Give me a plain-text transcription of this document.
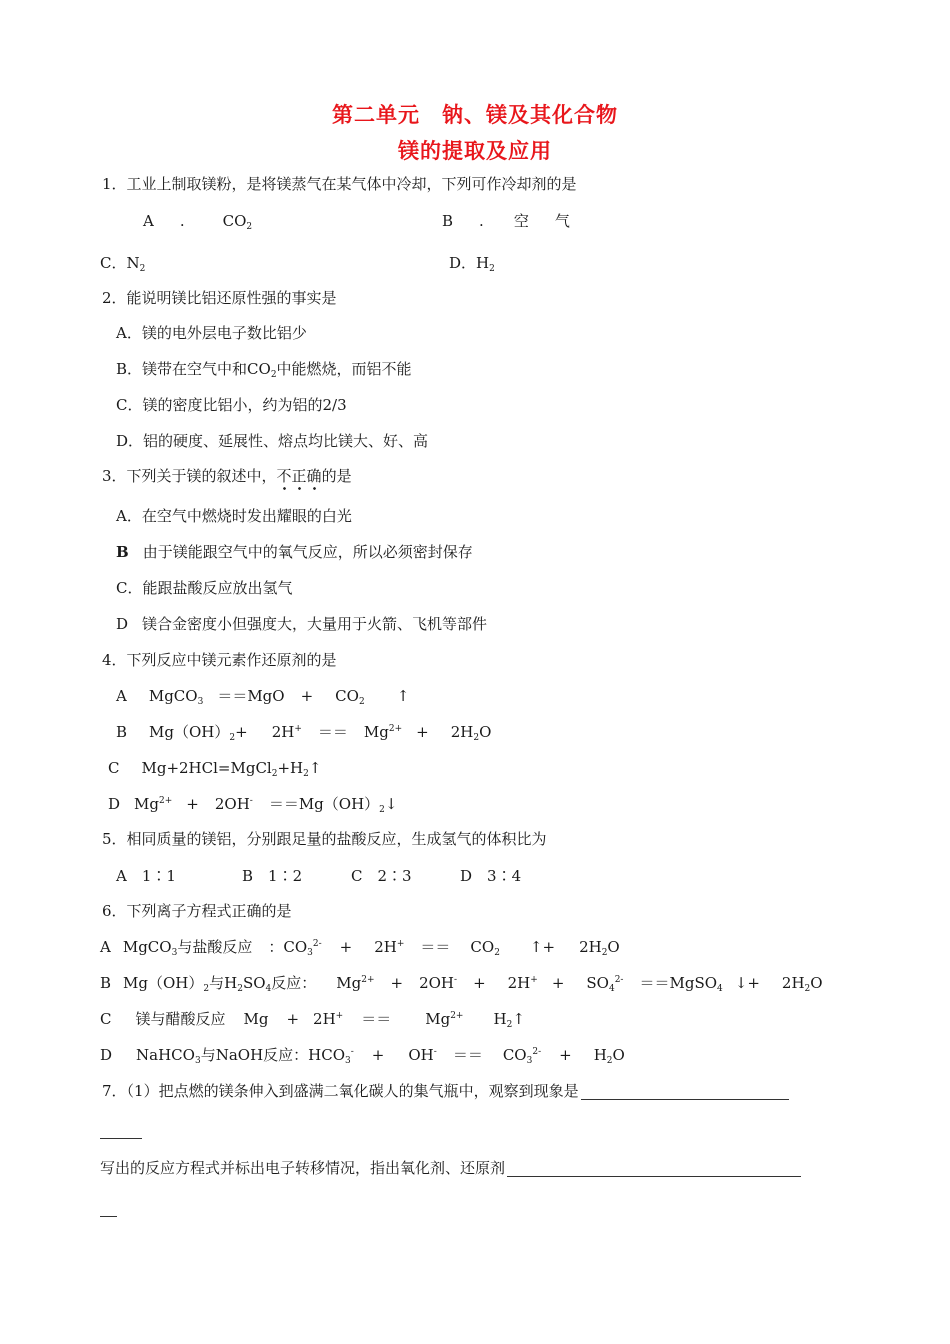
第二单元　钠、镁及其化合物
镁的提取及应用
1．工业上制取镁粉，是将镁蒸气在某气体中冷却，下列可作冷却剂的是
A .	$CO_2$	B . 空 气
C．$N_2$	D．$H_2$
2．能说明镁比铝还原性强的事实是
A．镁的电外层电子数比铝少
B．镁带在空气中和$CO_2$中能燃烧，而铝不能
C．镁的密度比铝小，约为铝的2/3
D．铝的硬度、延展性、熔点均比镁大、好、高
3．下列关于镁的叙述中，不正确的是
A．在空气中燃烧时发出耀眼的白光
B 由于镁能跟空气中的氧气反应，所以必须密封保存
C．能跟盐酸反应放出氢气
D 镁合金密度小但强度大，大量用于火箭、飞机等部件
4．下列反应中镁元素作还原剂的是
A MgCO$_3$ $==MgO + CO_2$ ↑
B $Mg(OH)_2+ 2H^+ == Mg^{2+} + 2H_2O$
C $Mg+2HCl=MgCl_2+H_2↑$
D $Mg^{2+} + 2OH^-$ $==Mg(OH)_2↓$
5．相同质量的镁铝，分别跟足量的盐酸反应，生成氢气的体积比为
A　1∶1	B　1∶2	C　2∶3	D　3∶4
6．下列离子方程式正确的是
A MgCO$_3$与盐酸反应 ：$CO_3^{2-} + 2H^+ == CO_2$ ↑+ $2H_2O$
B $Mg(OH)_2$与$H_2SO_4$反应： $Mg^{2+} + 2OH^- + 2H^+ + SO_4^{2-}$ ＝＝MgSO$_4$ ↓+ $2H_2O$
C 镁与醋酸反应 $Mg + 2H^+ == Mg^{2+}$ $H_2↑$
D NaHCO$_3$与NaOH反应：$HCO_3^- + OH^- == CO_3^{2-} + H_2O$
7．（1）把点燃的镁条伸入到盛满二氧化碳人的集气瓶中，观察到现象是
写出的反应方程式并标出电子转移情况，指出氧化剂、还原剂
